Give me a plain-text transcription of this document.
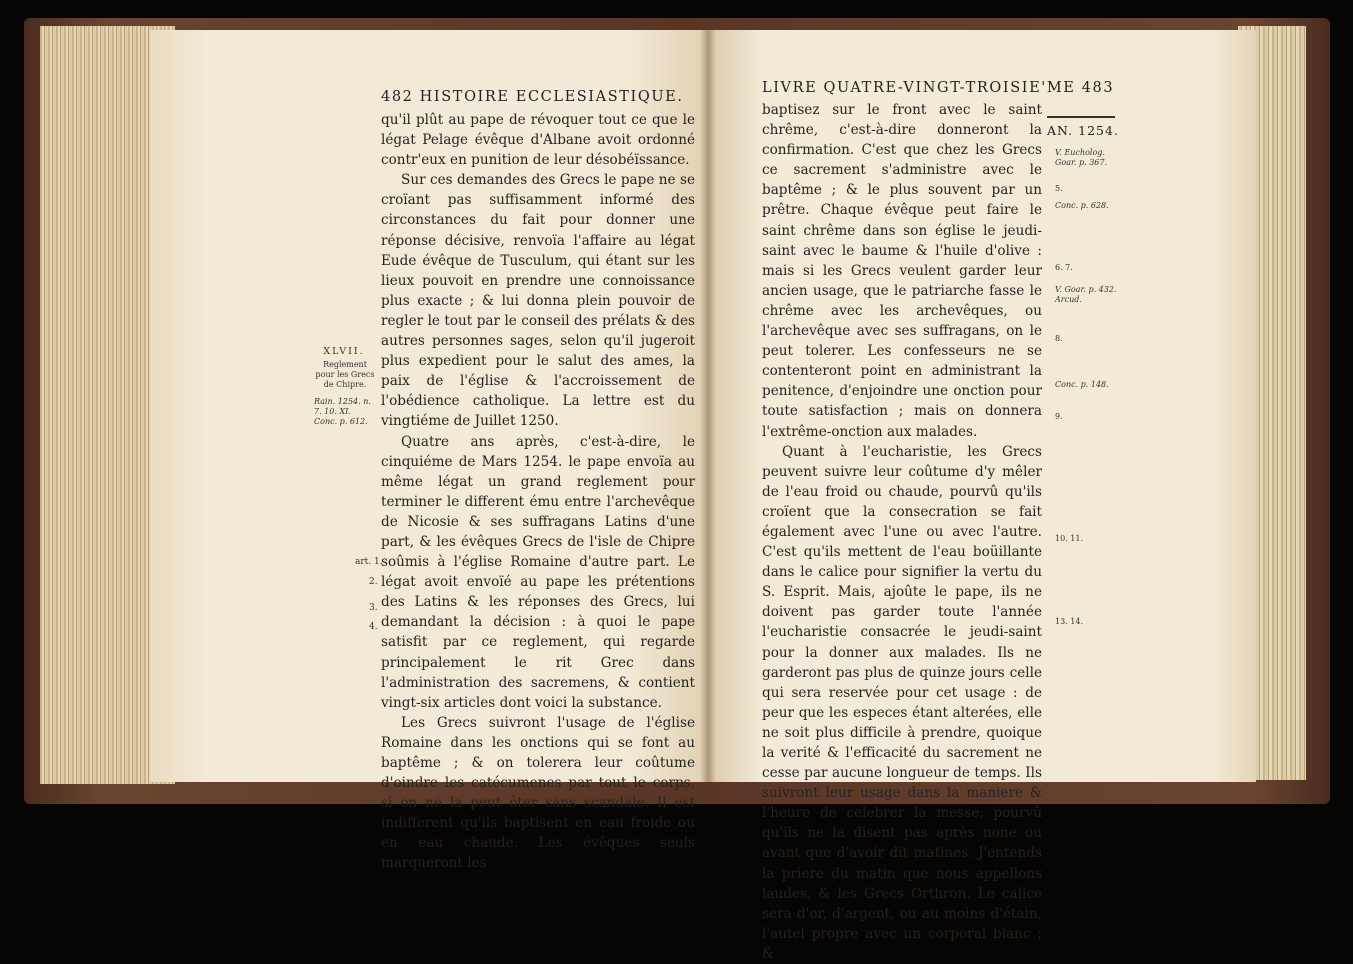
482 HISTOIRE ECCLESIASTIQUE.

qu'il plût au pape de révoquer tout ce que le légat Pelage évêque d'Albane avoit ordonné contr'eux en punition de leur désobéïssance.

Sur ces demandes des Grecs le pape ne se croïant pas suffisamment informé des circonstances du fait pour donner une réponse décisive, renvoïa l'affaire au légat Eude évêque de Tusculum, qui étant sur les lieux pouvoit en prendre une connoissance plus exacte ; & lui donna plein pouvoir de regler le tout par le conseil des prélats & des autres personnes sages, selon qu'il jugeroit plus expedient pour le salut des ames, la paix de l'église & l'accroissement de l'obédience catholique. La lettre est du vingtiéme de Juillet 1250.

Quatre ans après, c'est-à-dire, le cinquiéme de Mars 1254. le pape envoïa au même légat un grand reglement pour terminer le different ému entre l'archevêque de Nicosie & ses suffragans Latins d'une part, & les évêques Grecs de l'isle de Chipre soûmis à l'église Romaine d'autre part. Le légat avoit envoïé au pape les prétentions des Latins & les réponses des Grecs, lui demandant la décision : à quoi le pape satisfit par ce reglement, qui regarde principalement le rit Grec dans l'administration des sacremens, & contient vingt-six articles dont voici la substance.

Les Grecs suivront l'usage de l'église Romaine dans les onctions qui se font au baptême ; & on tolerera leur coûtume d'oindre les catécumenes par tout le corps, si on ne la peut ôter sans scandale. Il est indifferent qu'ils baptisent en eau froide ou en eau chaude. Les évêques seuls marqueront les

XLVII.
Reglement pour les Grecs de Chipre.
Rain. 1254. n. 7. 10. XI. Conc. p. 612.
art. 1.
2.
3.
4.
LIVRE QUATRE-VINGT-TROISIE'ME 483

baptisez sur le front avec le saint chrême, c'est-à-dire donneront la confirmation. C'est que chez les Grecs ce sacrement s'administre avec le baptême ; & le plus souvent par un prêtre. Chaque évêque peut faire le saint chrême dans son église le jeudi-saint avec le baume & l'huile d'olive : mais si les Grecs veulent garder leur ancien usage, que le patriarche fasse le chrême avec les archevêques, ou l'archevêque avec ses suffragans, on le peut tolerer. Les confesseurs ne se contenteront point en administrant la penitence, d'enjoindre une onction pour toute satisfaction ; mais on donnera l'extrême-onction aux malades.

Quant à l'eucharistie, les Grecs peuvent suivre leur coûtume d'y mêler de l'eau froid ou chaude, pourvû qu'ils croïent que la consecration se fait également avec l'une ou avec l'autre. C'est qu'ils mettent de l'eau boüillante dans le calice pour signifier la vertu du S. Esprit. Mais, ajoûte le pape, ils ne doivent pas garder toute l'année l'eucharistie consacrée le jeudi-saint pour la donner aux malades. Ils ne garderont pas plus de quinze jours celle qui sera reservée pour cet usage : de peur que les especes étant alterées, elle ne soit plus difficile à prendre, quoique la verité & l'efficacité du sacrement ne cesse par aucune longueur de temps. Ils suivront leur usage dans la maniere & l'heure de celebrer la messe, pourvû qu'ils ne la disent pas après none ou avant que d'avoir dit matines. J'entends la priere du matin que nous appellons laudes, & les Grecs Orthron. Le calice sera d'or, d'argent, ou au moins d'étain, l'autel propre avec un corporal blanc ; &

AN. 1254.
V. Eucholog. Goar. p. 367.
5.
Conc. p. 628.
6. 7.
V. Goar. p. 432. Arcud.
8.
Conc. p. 148.
9.
10. 11.
13. 14.
